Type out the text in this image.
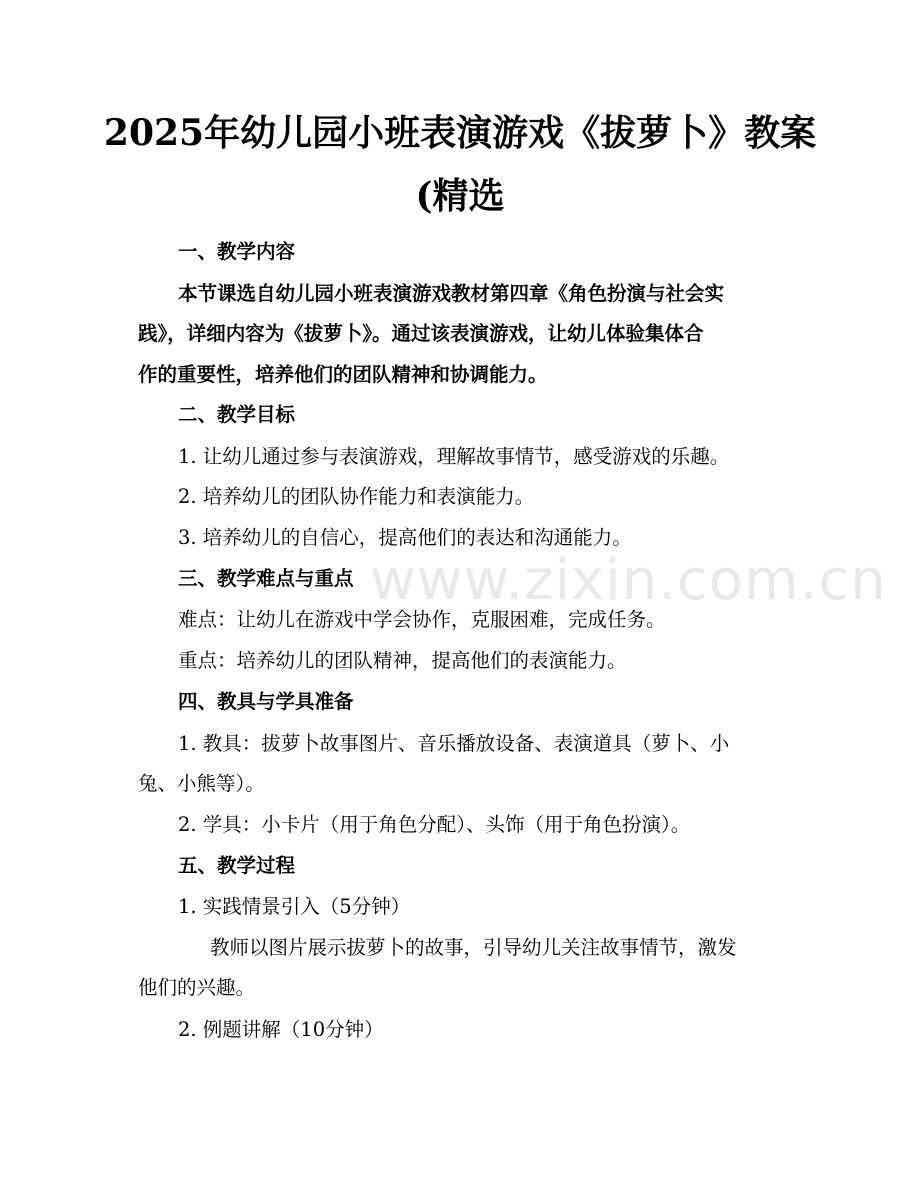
2025年幼儿园小班表演游戏《拔萝卜》教案
(精选
一、教学内容
本节课选自幼儿园小班表演游戏教材第四章《角色扮演与社会实
践》，详细内容为《拔萝卜》。通过该表演游戏，让幼儿体验集体合
作的重要性，培养他们的团队精神和协调能力。
二、教学目标
1. 让幼儿通过参与表演游戏，理解故事情节，感受游戏的乐趣。
2. 培养幼儿的团队协作能力和表演能力。
3. 培养幼儿的自信心，提高他们的表达和沟通能力。
三、教学难点与重点
难点：让幼儿在游戏中学会协作，克服困难，完成任务。
重点：培养幼儿的团队精神，提高他们的表演能力。
四、教具与学具准备
1. 教具：拔萝卜故事图片、音乐播放设备、表演道具（萝卜、小
兔、小熊等）。
2. 学具：小卡片（用于角色分配）、头饰（用于角色扮演）。
五、教学过程
1. 实践情景引入（5分钟）
教师以图片展示拔萝卜的故事，引导幼儿关注故事情节，激发
他们的兴趣。
2. 例题讲解（10分钟）
www.zixin.com.cn
